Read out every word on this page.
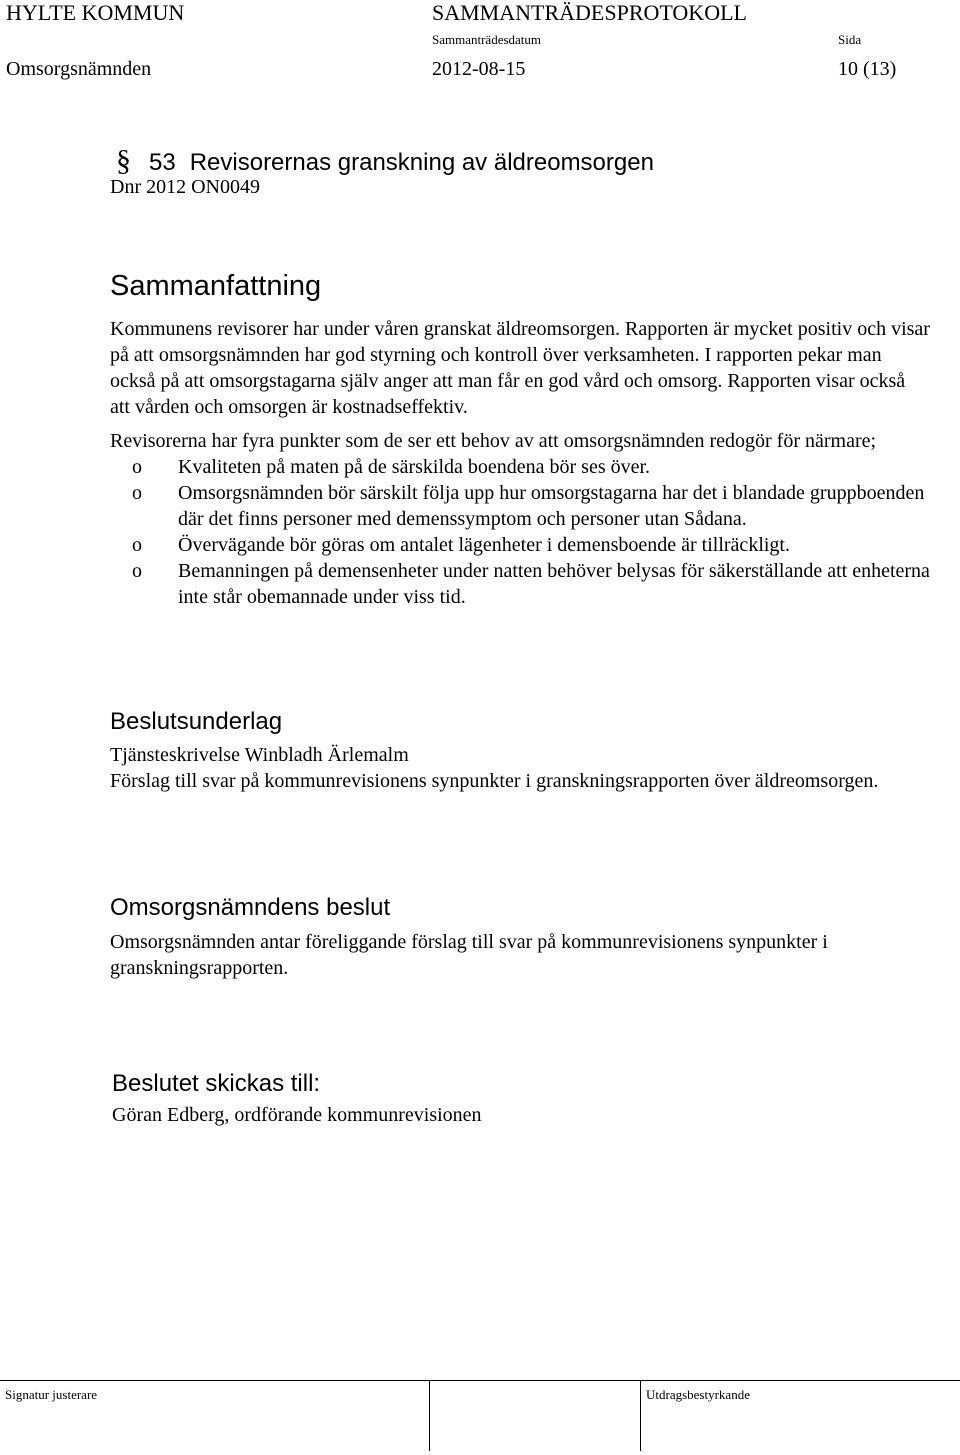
HYLTE KOMMUN	SAMMANTRÄDESPROTOKOLL
Sammanträdesdatum	Sida
Omsorgsnämnden	2012-08-15	10 (13)
§ 53 Revisorernas granskning av äldreomsorgen
Dnr 2012 ON0049
Sammanfattning

Kommunens revisorer har under våren granskat äldreomsorgen. Rapporten är mycket positiv och visar på att omsorgsnämnden har god styrning och kontroll över verksamheten. I rapporten pekar man också på att omsorgstagarna själv anger att man får en god vård och omsorg. Rapporten visar också att vården och omsorgen är kostnadseffektiv.

Revisorerna har fyra punkter som de ser ett behov av att omsorgsnämnden redogör för närmare;

o Kvaliteten på maten på de särskilda boendena bör ses över.
o Omsorgsnämnden bör särskilt följa upp hur omsorgstagarna har det i blandade gruppboenden där det finns personer med demenssymptom och personer utan Sådana.
o Övervägande bör göras om antalet lägenheter i demensboende är tillräckligt.
o Bemanningen på demensenheter under natten behöver belysas för säkerställande att enheterna inte står obemannade under viss tid.
Beslutsunderlag

Tjänsteskrivelse Winbladh Ärlemalm

Förslag till svar på kommunrevisionens synpunkter i granskningsrapporten över äldreomsorgen.

Omsorgsnämndens beslut
Omsorgsnämnden antar föreliggande förslag till svar på kommunrevisionens synpunkter i granskningsrapporten.
Beslutet skickas till:
Göran Edberg, ordförande kommunrevisionen
Signatur justerare	Utdragsbestyrkande
